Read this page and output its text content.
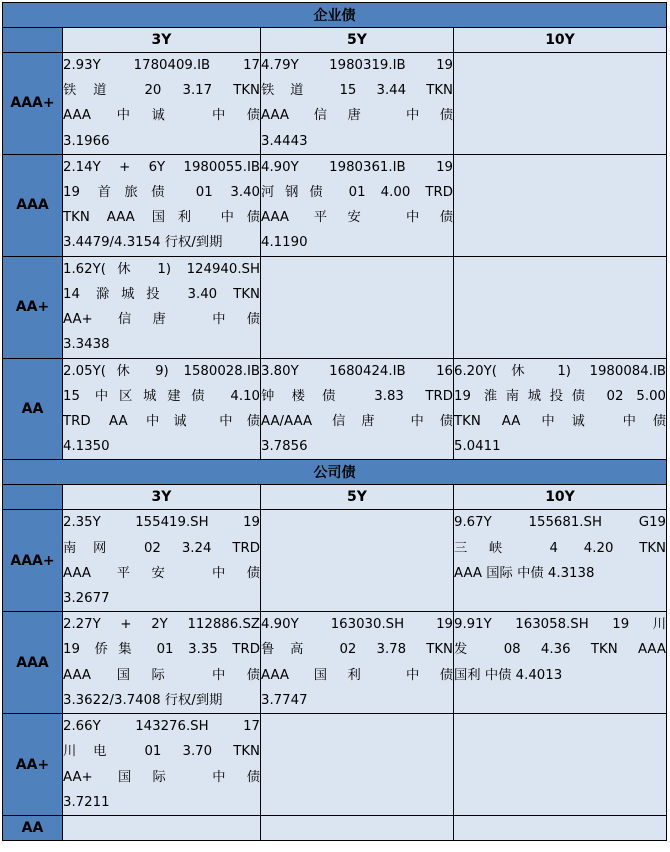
企业债			
	3Y	5Y	10Y
AAA+	2.93Y 1780409.IB 17
铁道 20 3.17 TKN
AAA 中诚 中债
3.1966	4.79Y 1980319.IB 19
铁道 15 3.44 TKN
AAA 信唐 中债
3.4443	

AAA	2.14Y + 6Y 1980055.IB
19 首旅债 01 3.40
TKN AAA 国利 中债
3.4479/4.3154 行权/到期	4.90Y 1980361.IB 19
河钢债 01 4.00 TRD
AAA 平安 中债
4.1190	

AA+	1.62Y(休 1) 124940.SH
14 滁城投 3.40 TKN
AA+ 信唐 中债
3.3438		

AA	2.05Y(休 9) 1580028.IB
15 中区城建债 4.10
TRD AA 中诚 中债
4.1350	3.80Y 1680424.IB 16
钟楼债 3.83 TRD
AA/AAA 信唐 中债
3.7856	6.20Y(休 1) 1980084.IB
19 淮南城投债 02 5.00
TKN AA 中诚 中债
5.0411

公司债			
	3Y	5Y	10Y
AAA+	2.35Y 155419.SH 19
南网 02 3.24 TRD
AAA 平安 中债
3.2677		9.67Y 155681.SH G19
三峡 4 4.20 TKN
AAA 国际 中债 4.3138

AAA	2.27Y + 2Y 112886.SZ
19 侨集 01 3.35 TRD
AAA 国际 中债
3.3622/3.7408 行权/到期	4.90Y 163030.SH 19
鲁高 02 3.78 TKN
AAA 国利 中债
3.7747	9.91Y 163058.SH 19 川
发 08 4.36 TKN AAA
国利 中债 4.4013

AA+	2.66Y 143276.SH 17
川电 01 3.70 TKN
AA+ 国际 中债
3.7211		

AA			
